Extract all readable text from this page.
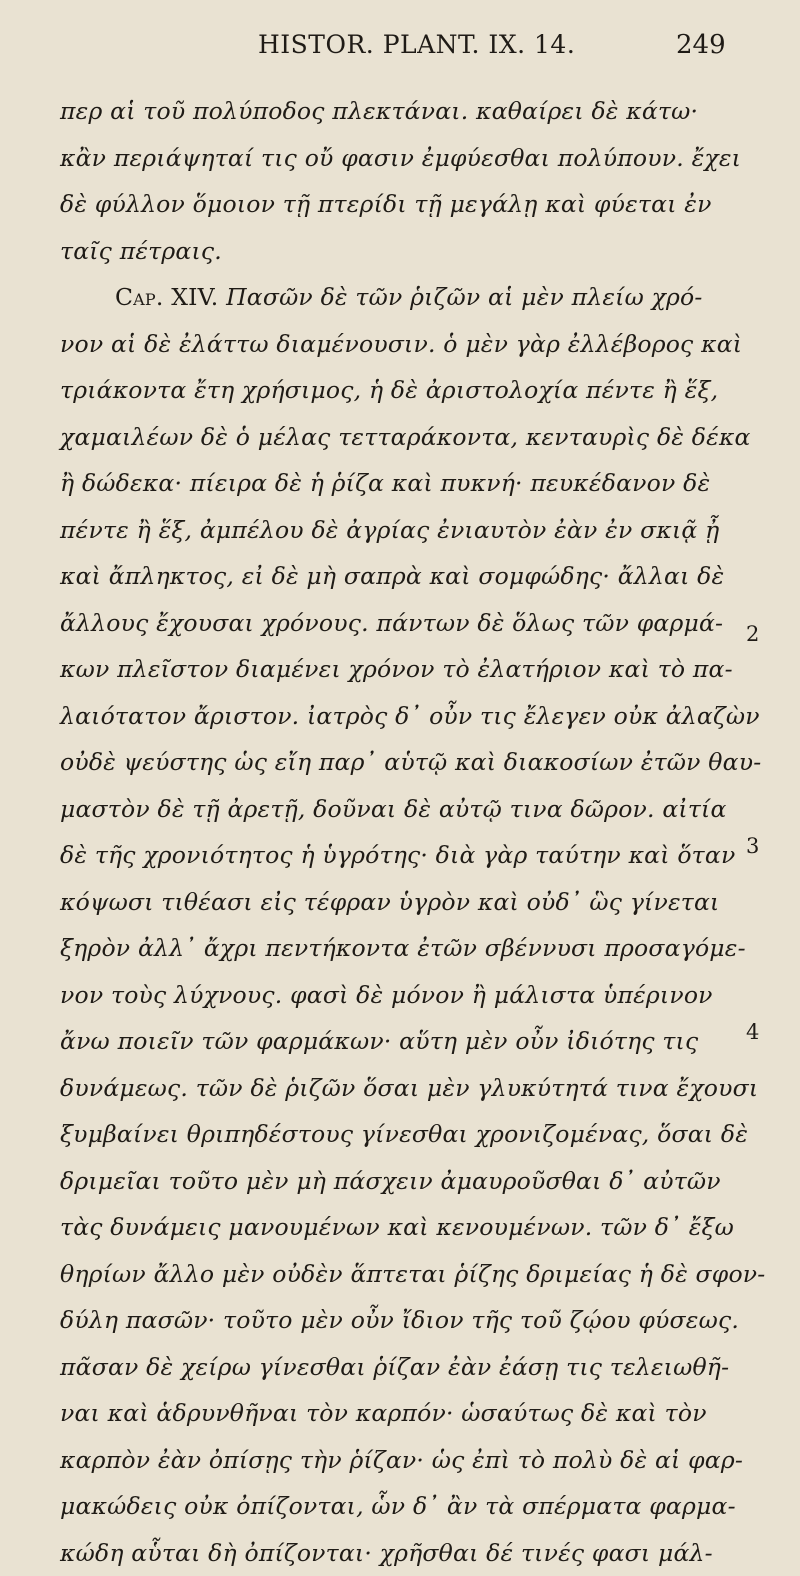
HISTOR. PLANT. IX. 14.	249
περ αἱ τοῦ πολύποδος πλεκτάναι. καθαίρει δὲ κάτω·
κἂν περιάψηταί τις οὔ φασιν ἐμφύεσθαι πολύπουν. ἔχει
δὲ φύλλον ὅμοιον τῇ πτερίδι τῇ μεγάλῃ καὶ φύεται ἐν
ταῖς πέτραις.
Cap. XIV. Πασῶν δὲ τῶν ῥιζῶν αἱ μὲν πλείω χρό-
νον αἱ δὲ ἐλάττω διαμένουσιν. ὁ μὲν γὰρ ἐλλέβορος καὶ
τριάκοντα ἔτη χρήσιμος, ἡ δὲ ἀριστολοχία πέντε ἢ ἕξ,
χαμαιλέων δὲ ὁ μέλας τετταράκοντα, κενταυρὶς δὲ δέκα
ἢ δώδεκα· πίειρα δὲ ἡ ῥίζα καὶ πυκνή· πευκέδανον δὲ
πέντε ἢ ἕξ, ἀμπέλου δὲ ἀγρίας ἐνιαυτὸν ἐὰν ἐν σκιᾷ ᾖ
καὶ ἄπληκτος, εἰ δὲ μὴ σαπρὰ καὶ σομφώδης· ἄλλαι δὲ
ἄλλους ἔχουσαι χρόνους. πάντων δὲ ὅλως τῶν φαρμά-
κων πλεῖστον διαμένει χρόνον τὸ ἐλατήριον καὶ τὸ πα-
λαιότατον ἄριστον. ἰατρὸς δ᾽ οὖν τις ἔλεγεν οὐκ ἀλαζὼν
οὐδὲ ψεύστης ὡς εἴη παρ᾽ αὑτῷ καὶ διακοσίων ἐτῶν θαυ-
μαστὸν δὲ τῇ ἀρετῇ, δοῦναι δὲ αὐτῷ τινα δῶρον. αἰτία
δὲ τῆς χρονιότητος ἡ ὑγρότης· διὰ γὰρ ταύτην καὶ ὅταν
κόψωσι τιθέασι εἰς τέφραν ὑγρὸν καὶ οὐδ᾽ ὣς γίνεται
ξηρὸν ἀλλ᾽ ἄχρι πεντήκοντα ἐτῶν σβέννυσι προσαγόμε-
νον τοὺς λύχνους. φασὶ δὲ μόνον ἢ μάλιστα ὑπέρινον
ἄνω ποιεῖν τῶν φαρμάκων· αὕτη μὲν οὖν ἰδιότης τις
δυνάμεως. τῶν δὲ ῥιζῶν ὅσαι μὲν γλυκύτητά τινα ἔχουσι
ξυμβαίνει θριπηδέστους γίνεσθαι χρονιζομένας, ὅσαι δὲ
δριμεῖαι τοῦτο μὲν μὴ πάσχειν ἀμαυροῦσθαι δ᾽ αὐτῶν
τὰς δυνάμεις μανουμένων καὶ κενουμένων. τῶν δ᾽ ἔξω
θηρίων ἄλλο μὲν οὐδὲν ἅπτεται ῥίζης δριμείας ἡ δὲ σφον-
δύλη πασῶν· τοῦτο μὲν οὖν ἴδιον τῆς τοῦ ζῴου φύσεως.
πᾶσαν δὲ χείρω γίνεσθαι ῥίζαν ἐὰν ἐάσῃ τις τελειωθῆ-
ναι καὶ ἁδρυνθῆναι τὸν καρπόν· ὡσαύτως δὲ καὶ τὸν
καρπὸν ἐὰν ὀπίσῃς τὴν ῥίζαν· ὡς ἐπὶ τὸ πολὺ δὲ αἱ φαρ-
μακώδεις οὐκ ὀπίζονται, ὧν δ᾽ ἂν τὰ σπέρματα φαρμα-
κώδη αὗται δὴ ὀπίζονται· χρῆσθαι δέ τινές φασι μάλ-
2
3
4
